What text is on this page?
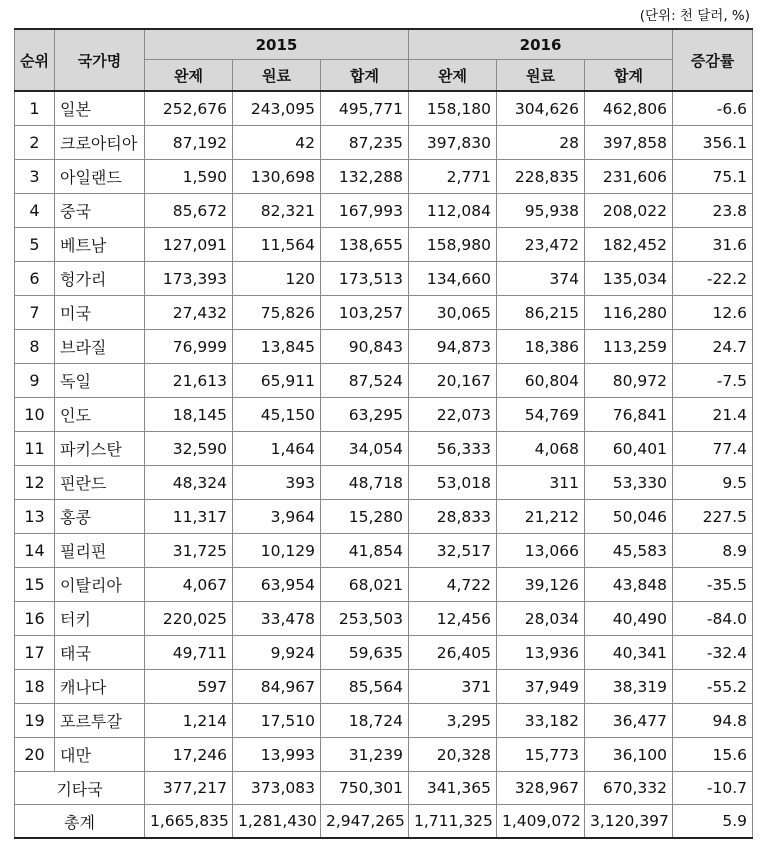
(단위: 천 달러, %)
순위	국가명	2015			2016			증감률
		완제	원료	합계	완제	원료	합계	
1	일본	252,676	243,095	495,771	158,180	304,626	462,806	-6.6
2	크로아티아	87,192	42	87,235	397,830	28	397,858	356.1
3	아일랜드	1,590	130,698	132,288	2,771	228,835	231,606	75.1
4	중국	85,672	82,321	167,993	112,084	95,938	208,022	23.8
5	베트남	127,091	11,564	138,655	158,980	23,472	182,452	31.6
6	헝가리	173,393	120	173,513	134,660	374	135,034	-22.2
7	미국	27,432	75,826	103,257	30,065	86,215	116,280	12.6
8	브라질	76,999	13,845	90,843	94,873	18,386	113,259	24.7
9	독일	21,613	65,911	87,524	20,167	60,804	80,972	-7.5
10	인도	18,145	45,150	63,295	22,073	54,769	76,841	21.4
11	파키스탄	32,590	1,464	34,054	56,333	4,068	60,401	77.4
12	핀란드	48,324	393	48,718	53,018	311	53,330	9.5
13	홍콩	11,317	3,964	15,280	28,833	21,212	50,046	227.5
14	필리핀	31,725	10,129	41,854	32,517	13,066	45,583	8.9
15	이탈리아	4,067	63,954	68,021	4,722	39,126	43,848	-35.5
16	터키	220,025	33,478	253,503	12,456	28,034	40,490	-84.0
17	태국	49,711	9,924	59,635	26,405	13,936	40,341	-32.4
18	캐나다	597	84,967	85,564	371	37,949	38,319	-55.2
19	포르투갈	1,214	17,510	18,724	3,295	33,182	36,477	94.8
20	대만	17,246	13,993	31,239	20,328	15,773	36,100	15.6
기타국		377,217	373,083	750,301	341,365	328,967	670,332	-10.7
총계		1,665,835	1,281,430	2,947,265	1,711,325	1,409,072	3,120,397	5.9
